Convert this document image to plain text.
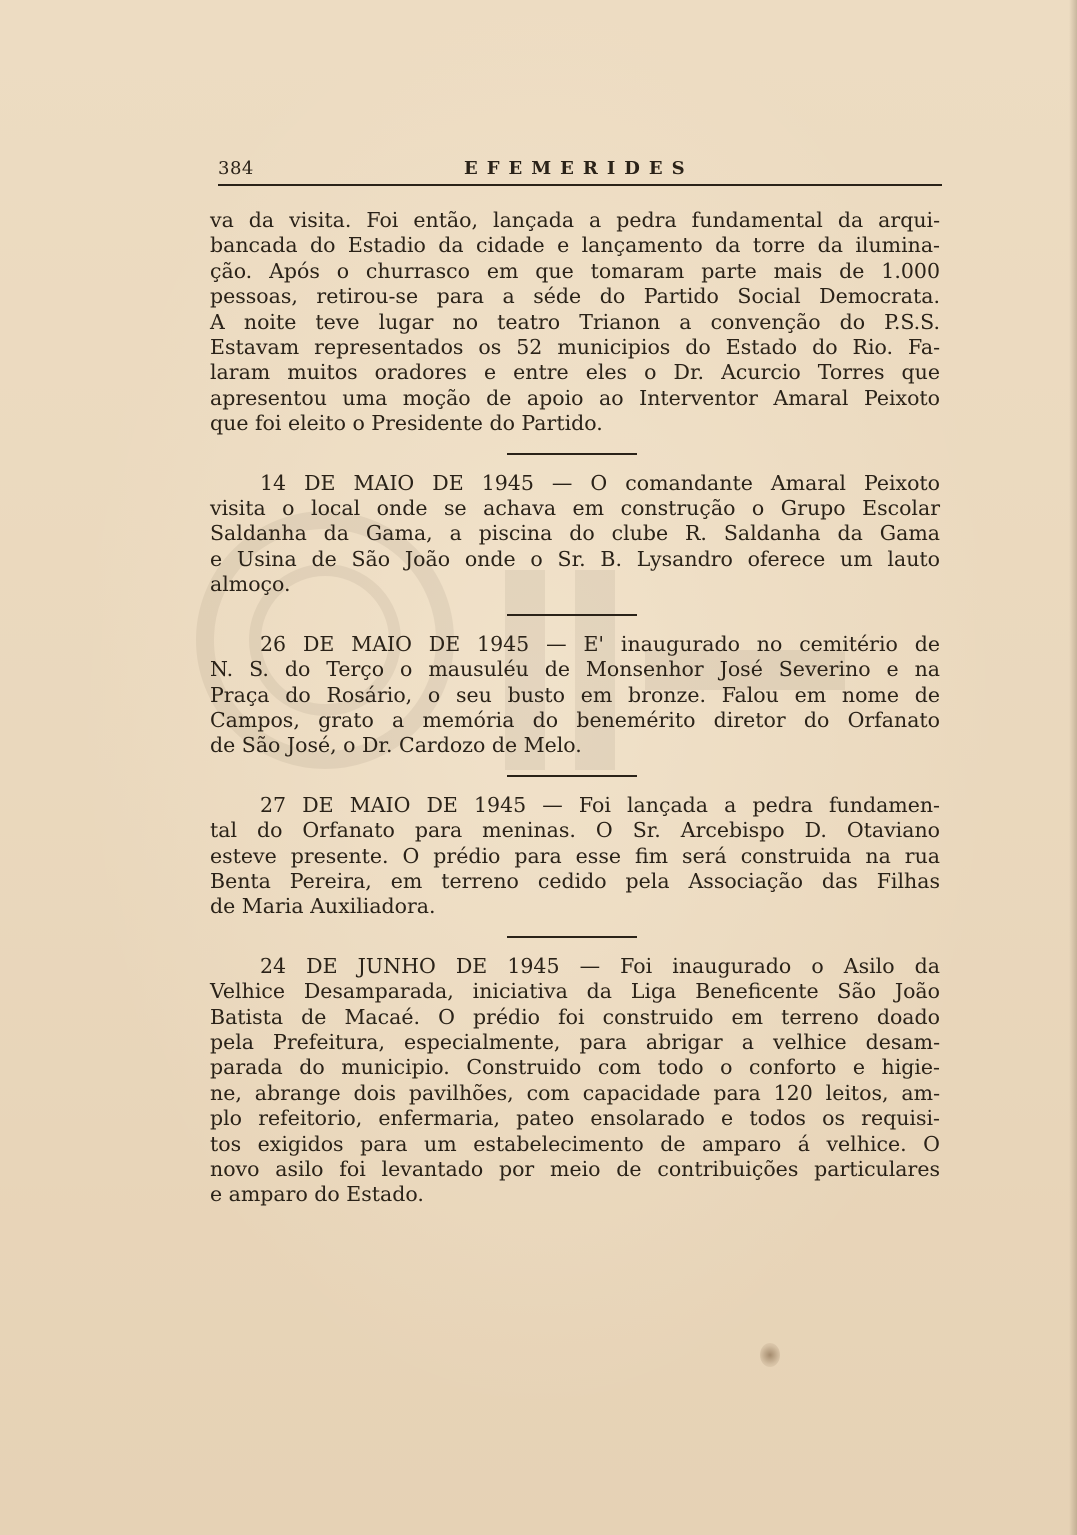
384	EFEMERIDES

va da visita. Foi então, lançada a pedra fundamental da arqui-
bancada do Estadio da cidade e lançamento da torre da ilumina-
ção. Após o churrasco em que tomaram parte mais de 1.000
pessoas, retirou-se para a séde do Partido Social Democrata.
A noite teve lugar no teatro Trianon a convenção do P.S.S.
Estavam representados os 52 municipios do Estado do Rio. Fa-
laram muitos oradores e entre eles o Dr. Acurcio Torres que
apresentou uma moção de apoio ao Interventor Amaral Peixoto
que foi eleito o Presidente do Partido.

14 DE MAIO DE 1945 — O comandante Amaral Peixoto
visita o local onde se achava em construção o Grupo Escolar
Saldanha da Gama, a piscina do clube R. Saldanha da Gama
e Usina de São João onde o Sr. B. Lysandro oferece um lauto
almoço.

26 DE MAIO DE 1945 — E' inaugurado no cemitério de
N. S. do Terço o mausuléu de Monsenhor José Severino e na
Praça do Rosário, o seu busto em bronze. Falou em nome de
Campos, grato a memória do benemérito diretor do Orfanato
de São José, o Dr. Cardozo de Melo.

27 DE MAIO DE 1945 — Foi lançada a pedra fundamen-
tal do Orfanato para meninas. O Sr. Arcebispo D. Otaviano
esteve presente. O prédio para esse fim será construida na rua
Benta Pereira, em terreno cedido pela Associação das Filhas
de Maria Auxiliadora.

24 DE JUNHO DE 1945 — Foi inaugurado o Asilo da
Velhice Desamparada, iniciativa da Liga Beneficente São João
Batista de Macaé. O prédio foi construido em terreno doado
pela Prefeitura, especialmente, para abrigar a velhice desam-
parada do municipio. Construido com todo o conforto e higie-
ne, abrange dois pavilhões, com capacidade para 120 leitos, am-
plo refeitorio, enfermaria, pateo ensolarado e todos os requisi-
tos exigidos para um estabelecimento de amparo á velhice. O
novo asilo foi levantado por meio de contribuições particulares
e amparo do Estado.
